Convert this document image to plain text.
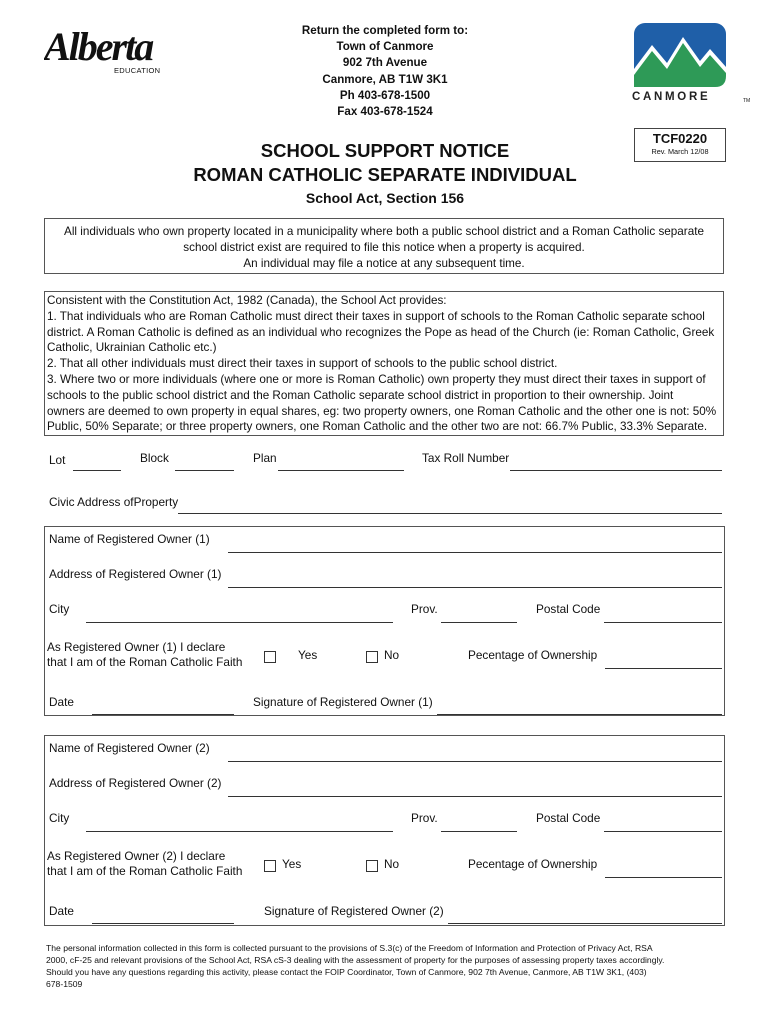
Alberta
EDUCATION
Return the completed form to:
Town of Canmore
902 7th Avenue
Canmore, AB T1W 3K1
Ph 403-678-1500
Fax 403-678-1524
CANMORE	TM
TCF0220
Rev. March 12/08
SCHOOL SUPPORT NOTICE
ROMAN CATHOLIC SEPARATE INDIVIDUAL
School Act, Section 156
All individuals who own property located in a municipality where both a public school district and a Roman Catholic separate
school district exist are required to file this notice when a property is acquired.
An individual may file a notice at any subsequent time.
Consistent with the Constitution Act, 1982 (Canada), the School Act provides:
1. That individuals who are Roman Catholic must direct their taxes in support of schools to the Roman Catholic separate school
district. A Roman Catholic is defined as an individual who recognizes the Pope as head of the Church (ie: Roman Catholic, Greek
Catholic, Ukrainian Catholic etc.)
2. That all other individuals must direct their taxes in support of schools to the public school district.
3. Where two or more individuals (where one or more is Roman Catholic) own property they must direct their taxes in support of
schools to the public school district and the Roman Catholic separate school district in proportion to their ownership. Joint
owners are deemed to own property in equal shares, eg: two property owners, one Roman Catholic and the other one is not: 50%
Public, 50% Separate; or three property owners, one Roman Catholic and the other two are not: 66.7% Public, 33.3% Separate.
Lot	Block	Plan	Tax Roll Number
Civic Address ofProperty
Name of Registered Owner (1)
Address of Registered Owner (1)
City	Prov.	Postal Code
As Registered Owner (1) I declare
that I am of the Roman Catholic Faith	Yes	No	Pecentage of Ownership
Date	Signature of Registered Owner (1)
Name of Registered Owner (2)
Address of Registered Owner (2)
City	Prov.	Postal Code
As Registered Owner (2) I declare
that I am of the Roman Catholic Faith	Yes	No	Pecentage of Ownership
Date	Signature of Registered Owner (2)
The personal information collected in this form is collected pursuant to the provisions of S.3(c) of the Freedom of Information and Protection of Privacy Act, RSA
2000, cF-25 and relevant provisions of the School Act, RSA cS-3 dealing with the assessment of property for the purposes of assessing property taxes accordingly.
Should you have any questions regarding this activity, please contact the FOIP Coordinator, Town of Canmore, 902 7th Avenue, Canmore, AB T1W 3K1, (403)
678-1509
